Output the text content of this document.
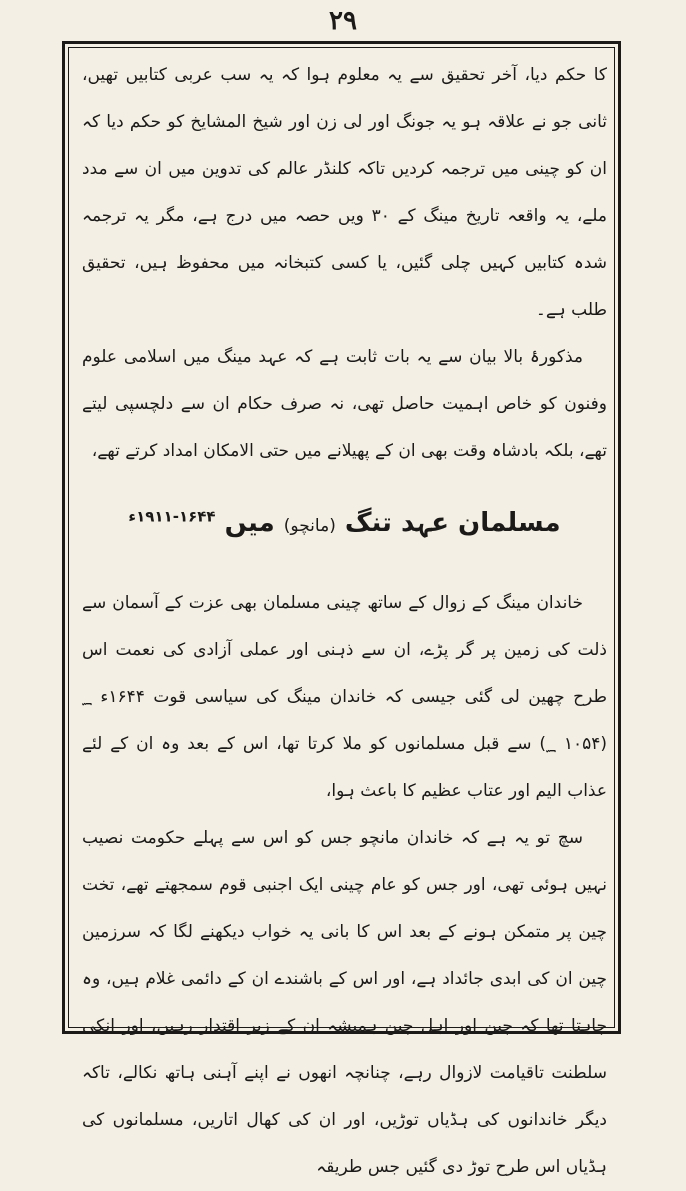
۲۹

کا حکم دیا، آخر تحقیق سے یہ معلوم ہوا کہ یہ سب عربی کتابیں تھیں، ثانی جو نے علاقہ ہو یہ جونگ اور لی زن اور شیخ المشایخ کو حکم دیا کہ ان کو چینی میں ترجمہ کردیں تاکہ کلنڈر عالم کی تدوین میں ان سے مدد ملے، یہ واقعہ تاریخ مینگ کے ۳۰ ویں حصہ میں درج ہے، مگر یہ ترجمہ شدہ کتابیں کہیں چلی گئیں، یا کسی کتبخانہ میں محفوظ ہیں، تحقیق طلب ہے۔

مذکورۂ بالا بیان سے یہ بات ثابت ہے کہ عہد مینگ میں اسلامی علوم وفنون کو خاص اہمیت حاصل تھی، نہ صرف حکام ان سے دلچسپی لیتے تھے، بلکہ بادشاہ وقت بھی ان کے پھیلانے میں حتی الامکان امداد کرتے تھے،

مسلمان عہد تنگ (مانچو) میں $^{۱۶۴۴-۱۹۱۱ء}$

خاندان مینگ کے زوال کے ساتھ چینی مسلمان بھی عزت کے آسمان سے ذلت کی زمین پر گر پڑے، ان سے ذہنی اور عملی آزادی کی نعمت اس طرح چھین لی گئی جیسی کہ خاندان مینگ کی سیاسی قوت ۱۶۴۴ء ؁ (۱۰۵۴ ؁) سے قبل مسلمانوں کو ملا کرتا تھا، اس کے بعد وہ ان کے لئے عذاب الیم اور عتاب عظیم کا باعث ہوا،

سچ تو یہ ہے کہ خاندان مانچو جس کو اس سے پہلے حکومت نصیب نہیں ہوئی تھی، اور جس کو عام چینی ایک اجنبی قوم سمجھتے تھے، تخت چین پر متمکن ہونے کے بعد اس کا بانی یہ خواب دیکھنے لگا کہ سرزمین چین ان کی ابدی جائداد ہے، اور اس کے باشندے ان کے دائمی غلام ہیں، وہ چاہتا تھا کہ چین اور اہل چین ہمیشہ ان کے زیر اقتدار رہیں، اور انکی سلطنت تاقیامت لازوال رہے، چنانچہ انھوں نے اپنے آہنی ہاتھ نکالے، تاکہ دیگر خاندانوں کی ہڈیاں توڑیں، اور ان کی کھال اتاریں، مسلمانوں کی ہڈیاں اس طرح توڑ دی گئیں جس طریقہ
